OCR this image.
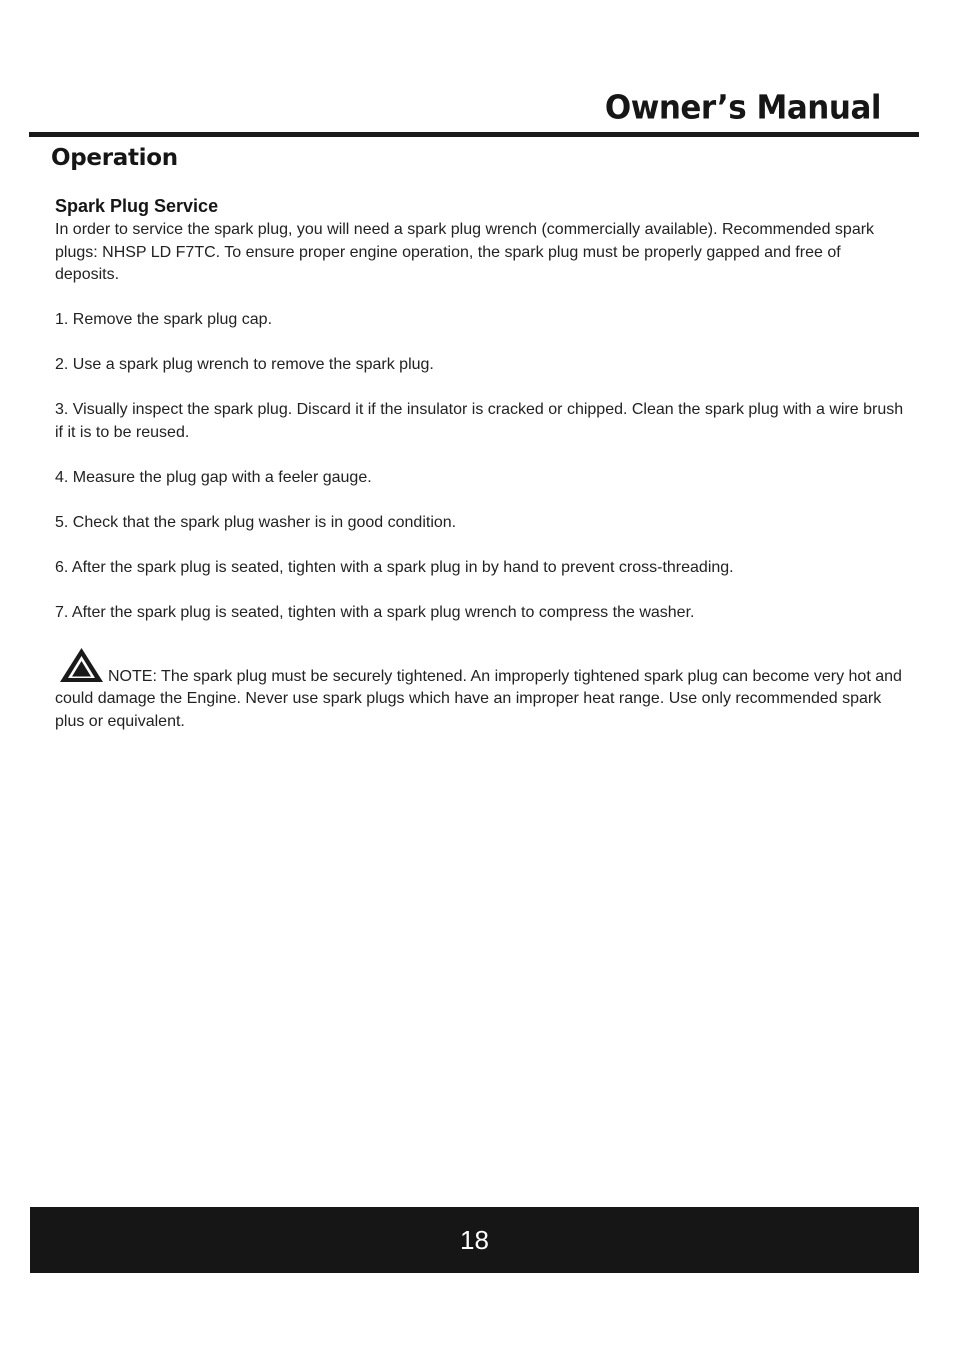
Owner’s Manual
Operation
Spark Plug Service

In order to service the spark plug, you will need a spark plug wrench (commercially available). Recommended spark plugs: NHSP LD F7TC. To ensure proper engine operation, the spark plug must be properly gapped and free of deposits.

1. Remove the spark plug cap.

2. Use a spark plug wrench to remove the spark plug.

3. Visually inspect the spark plug. Discard it if the insulator is cracked or chipped. Clean the spark plug with a wire brush if it is to be reused.

4. Measure the plug gap with a feeler gauge.

5. Check that the spark plug washer is in good condition.

6. After the spark plug is seated, tighten with a spark plug in by hand to prevent cross-threading.

7. After the spark plug is seated, tighten with a spark plug wrench to compress the washer.

NOTE: The spark plug must be securely tightened. An improperly tightened spark plug can become very hot and could damage the Engine. Never use spark plugs which have an improper heat range. Use only recommended spark plus or equivalent.

18
